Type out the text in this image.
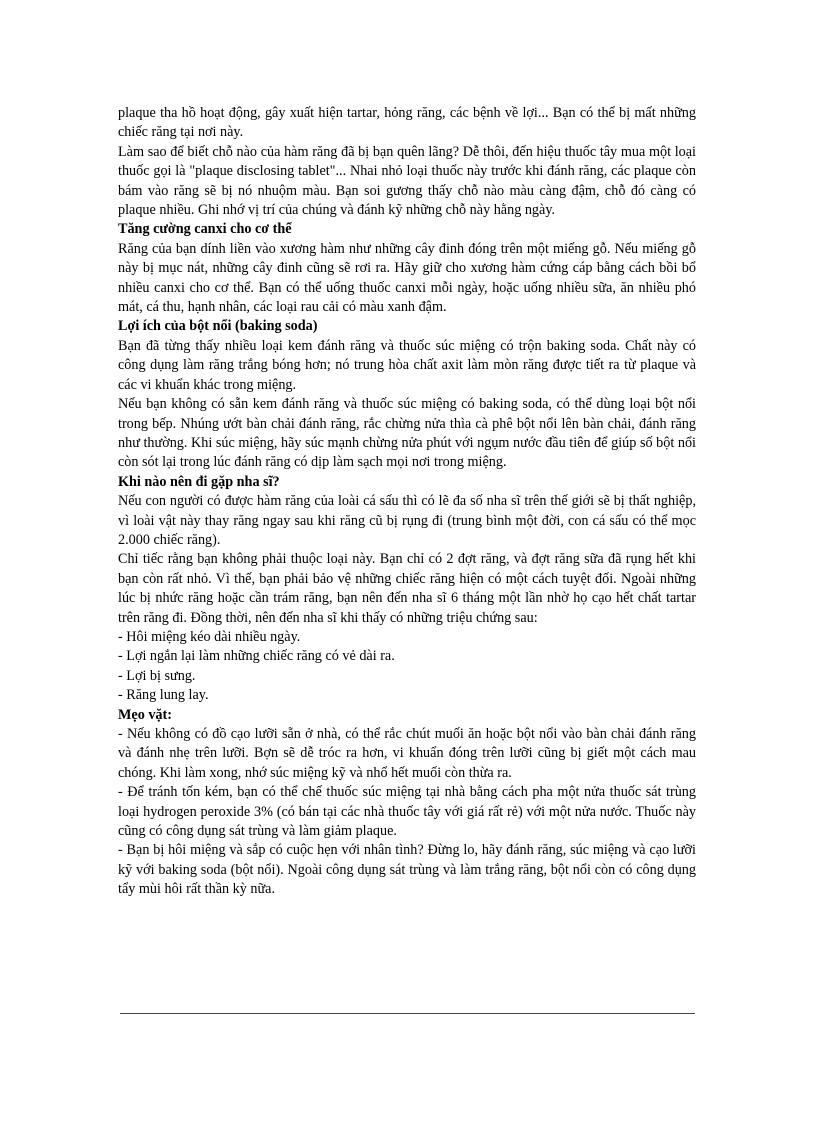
plaque tha hồ hoạt động, gây xuất hiện tartar, hỏng răng, các bệnh về lợi... Bạn có thể bị mất những chiếc răng tại nơi này.

Làm sao để biết chỗ nào của hàm răng đã bị bạn quên lãng? Dễ thôi, đến hiệu thuốc tây mua một loại thuốc gọi là "plaque disclosing tablet"... Nhai nhỏ loại thuốc này trước khi đánh răng, các plaque còn bám vào răng sẽ bị nó nhuộm màu. Bạn soi gương thấy chỗ nào màu càng đậm, chỗ đó càng có plaque nhiều. Ghi nhớ vị trí của chúng và đánh kỹ những chỗ này hằng ngày.

Tăng cường canxi cho cơ thể

Răng của bạn dính liền vào xương hàm như những cây đinh đóng trên một miếng gỗ. Nếu miếng gỗ này bị mục nát, những cây đinh cũng sẽ rơi ra. Hãy giữ cho xương hàm cứng cáp bằng cách bồi bổ nhiều canxi cho cơ thể. Bạn có thể uống thuốc canxi mỗi ngày, hoặc uống nhiều sữa, ăn nhiều phó mát, cá thu, hạnh nhân, các loại rau cải có màu xanh đậm.

Lợi ích của bột nổi (baking soda)

Bạn đã từng thấy nhiều loại kem đánh răng và thuốc súc miệng có trộn baking soda. Chất này có công dụng làm răng trắng bóng hơn; nó trung hòa chất axit làm mòn răng được tiết ra từ plaque và các vi khuẩn khác trong miệng.

Nếu bạn không có sẵn kem đánh răng và thuốc súc miệng có baking soda, có thể dùng loại bột nổi trong bếp. Nhúng ướt bàn chải đánh răng, rắc chừng nửa thìa cà phê bột nổi lên bàn chải, đánh răng như thường. Khi súc miệng, hãy súc mạnh chừng nửa phút với ngụm nước đầu tiên để giúp số bột nổi còn sót lại trong lúc đánh răng có dịp làm sạch mọi nơi trong miệng.

Khi nào nên đi gặp nha sĩ?

Nếu con người có được hàm răng của loài cá sấu thì có lẽ đa số nha sĩ trên thế giới sẽ bị thất nghiệp, vì loài vật này thay răng ngay sau khi răng cũ bị rụng đi (trung bình một đời, con cá sấu có thể mọc 2.000 chiếc răng).

Chỉ tiếc rằng bạn không phải thuộc loại này. Bạn chỉ có 2 đợt răng, và đợt răng sữa đã rụng hết khi bạn còn rất nhỏ. Vì thế, bạn phải bảo vệ những chiếc răng hiện có một cách tuyệt đối. Ngoài những lúc bị nhức răng hoặc cần trám răng, bạn nên đến nha sĩ 6 tháng một lần nhờ họ cạo hết chất tartar trên răng đi. Đồng thời, nên đến nha sĩ khi thấy có những triệu chứng sau:

- Hôi miệng kéo dài nhiều ngày.

- Lợi ngắn lại làm những chiếc răng có vẻ dài ra.

- Lợi bị sưng.

- Răng lung lay.

Mẹo vặt:

- Nếu không có đồ cạo lưỡi sẵn ở nhà, có thể rắc chút muối ăn hoặc bột nổi vào bàn chải đánh răng và đánh nhẹ trên lưỡi. Bợn sẽ dễ tróc ra hơn, vi khuẩn đóng trên lưỡi cũng bị giết một cách mau chóng. Khi làm xong, nhớ súc miệng kỹ và nhổ hết muối còn thừa ra.

- Để tránh tốn kém, bạn có thể chế thuốc súc miệng tại nhà bằng cách pha một nửa thuốc sát trùng loại hydrogen peroxide 3% (có bán tại các nhà thuốc tây với giá rất rẻ) với một nửa nước. Thuốc này cũng có công dụng sát trùng và làm giảm plaque.

- Bạn bị hôi miệng và sắp có cuộc hẹn với nhân tình? Đừng lo, hãy đánh răng, súc miệng và cạo lưỡi kỹ với baking soda (bột nổi). Ngoài công dụng sát trùng và làm trắng răng, bột nổi còn có công dụng tẩy mùi hôi rất thần kỳ nữa.
